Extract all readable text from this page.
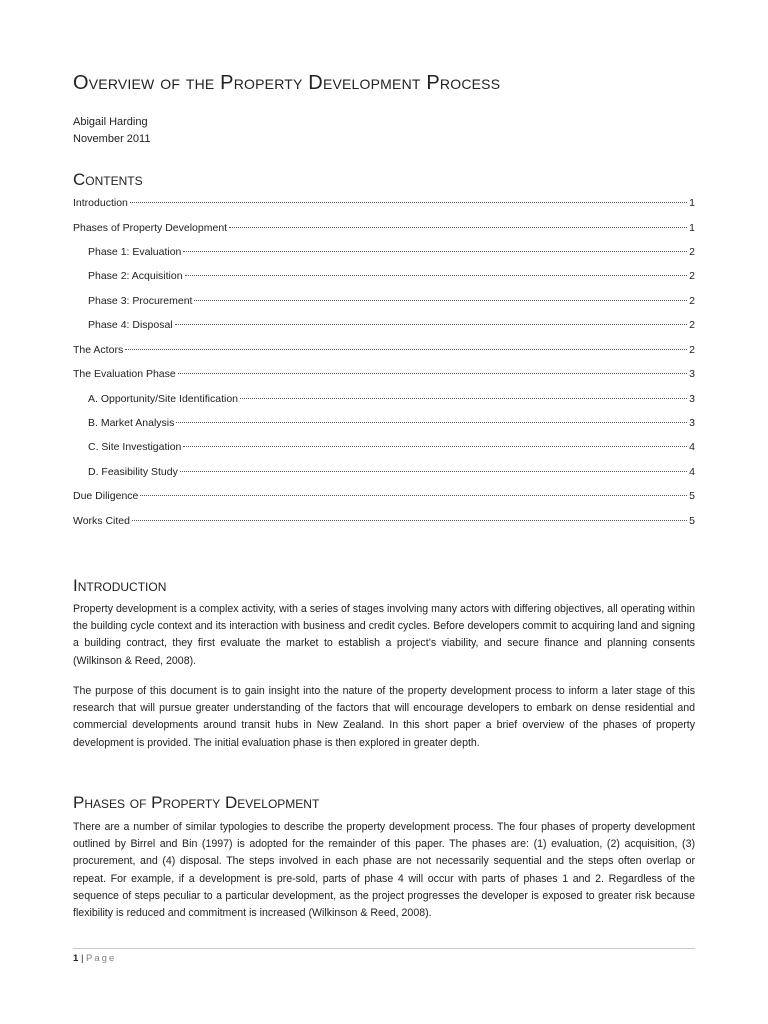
Overview of the Property Development Process
Abigail Harding
November 2011
Contents
Introduction	1
Phases of Property Development	1
Phase 1: Evaluation	2
Phase 2: Acquisition	2
Phase 3: Procurement	2
Phase 4: Disposal	2
The Actors	2
The Evaluation Phase	3
A. Opportunity/Site Identification	3
B. Market Analysis	3
C. Site Investigation	4
D. Feasibility Study	4
Due Diligence	5
Works Cited	5
Introduction
Property development is a complex activity, with a series of stages involving many actors with differing objectives, all operating within the building cycle context and its interaction with business and credit cycles. Before developers commit to acquiring land and signing a building contract, they first evaluate the market to establish a project’s viability, and secure finance and planning consents (Wilkinson & Reed, 2008).
The purpose of this document is to gain insight into the nature of the property development process to inform a later stage of this research that will pursue greater understanding of the factors that will encourage developers to embark on dense residential and commercial developments around transit hubs in New Zealand. In this short paper a brief overview of the phases of property development is provided. The initial evaluation phase is then explored in greater depth.
Phases of Property Development
There are a number of similar typologies to describe the property development process. The four phases of property development outlined by Birrel and Bin (1997) is adopted for the remainder of this paper. The phases are: (1) evaluation, (2) acquisition, (3) procurement, and (4) disposal. The steps involved in each phase are not necessarily sequential and the steps often overlap or repeat. For example, if a development is pre-sold, parts of phase 4 will occur with parts of phases 1 and 2. Regardless of the sequence of steps peculiar to a particular development, as the project progresses the developer is exposed to greater risk because flexibility is reduced and commitment is increased (Wilkinson & Reed, 2008).
1 | Page
